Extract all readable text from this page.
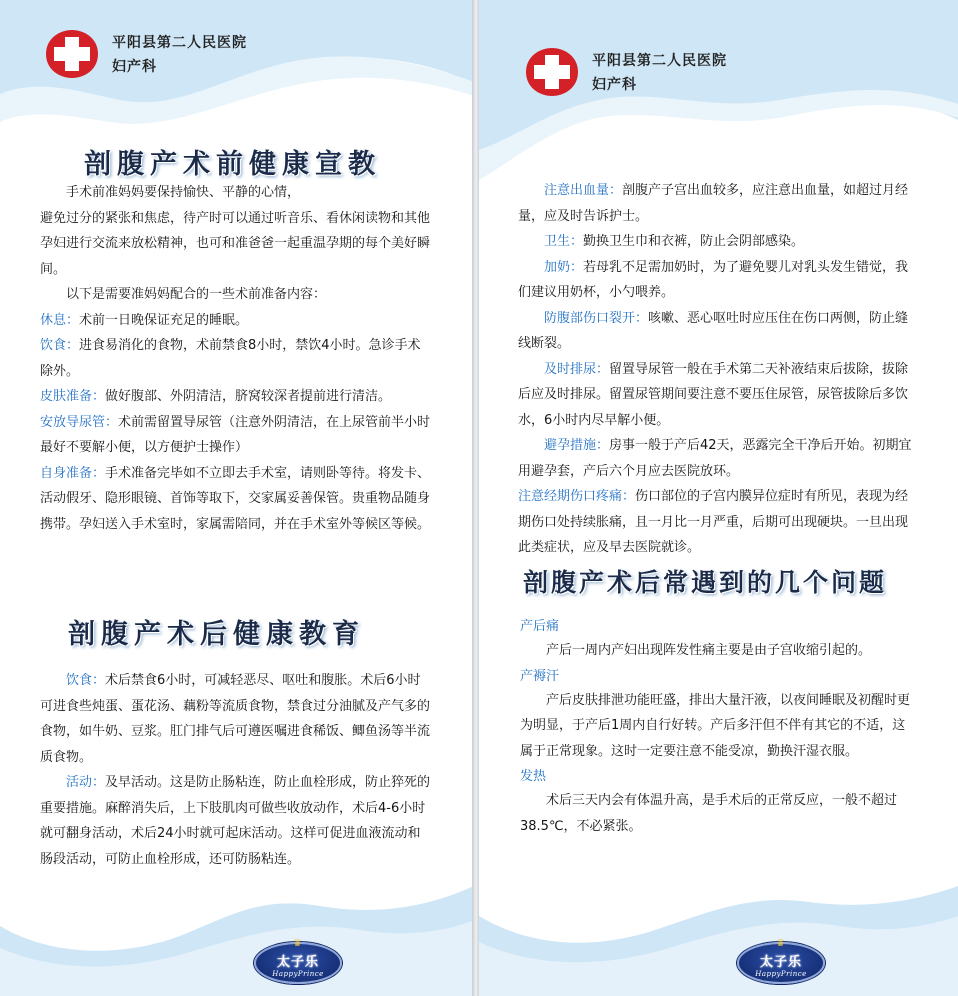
平阳县第二人民医院
妇产科
剖腹产术前健康宣教

手术前准妈妈要保持愉快、平静的心情，

避免过分的紧张和焦虑，待产时可以通过听音乐、看休闲读物和其他孕妇进行交流来放松精神，也可和准爸爸一起重温孕期的每个美好瞬间。

以下是需要准妈妈配合的一些术前准备内容：

休息：术前一日晚保证充足的睡眠。

饮食：进食易消化的食物，术前禁食8小时，禁饮4小时。急诊手术除外。

皮肤准备：做好腹部、外阴清洁，脐窝较深者提前进行清洁。

安放导尿管：术前需留置导尿管（注意外阴清洁，在上尿管前半小时最好不要解小便，以方便护士操作）

自身准备：手术准备完毕如不立即去手术室，请则卧等待。将发卡、活动假牙、隐形眼镜、首饰等取下，交家属妥善保管。贵重物品随身携带。孕妇送入手术室时，家属需陪同，并在手术室外等候区等候。

剖腹产术后健康教育

饮食：术后禁食6小时，可减轻恶尽、呕吐和腹胀。术后6小时可进食些炖蛋、蛋花汤、藕粉等流质食物，禁食过分油腻及产气多的食物，如牛奶、豆浆。肛门排气后可遵医嘱进食稀饭、鲫鱼汤等半流质食物。

活动：及早活动。这是防止肠粘连，防止血栓形成，防止猝死的重要措施。麻醉消失后，上下肢肌肉可做些收放动作，术后4-6小时就可翻身活动，术后24小时就可起床活动。这样可促进血液流动和肠段活动，可防止血栓形成，还可防肠粘连。

♛
太子乐
HappyPrince
平阳县第二人民医院
妇产科

注意出血量：剖腹产子宫出血较多，应注意出血量，如超过月经量，应及时告诉护士。

卫生：勤换卫生巾和衣裤，防止会阴部感染。

加奶：若母乳不足需加奶时，为了避免婴儿对乳头发生错觉，我们建议用奶杯，小勺喂养。

防腹部伤口裂开：咳嗽、恶心呕吐时应压住在伤口两侧，防止缝线断裂。

及时排尿：留置导尿管一般在手术第二天补液结束后拔除，拔除后应及时排尿。留置尿管期间要注意不要压住尿管，尿管拔除后多饮水，6小时内尽早解小便。

避孕措施：房事一般于产后42天，恶露完全干净后开始。初期宜用避孕套，产后六个月应去医院放环。

注意经期伤口疼痛：伤口部位的子宫内膜异位症时有所见，表现为经期伤口处持续胀痛，且一月比一月严重，后期可出现硬块。一旦出现此类症状，应及早去医院就诊。

剖腹产术后常遇到的几个问题

产后痛

产后一周内产妇出现阵发性痛主要是由子宫收缩引起的。

产褥汗

产后皮肤排泄功能旺盛，排出大量汗液，以夜间睡眠及初醒时更为明显，于产后1周内自行好转。产后多汗但不伴有其它的不适，这属于正常现象。这时一定要注意不能受凉，勤换汗湿衣服。

发热

术后三天内会有体温升高，是手术后的正常反应，一般不超过38.5℃，不必紧张。

♛
太子乐
HappyPrince
